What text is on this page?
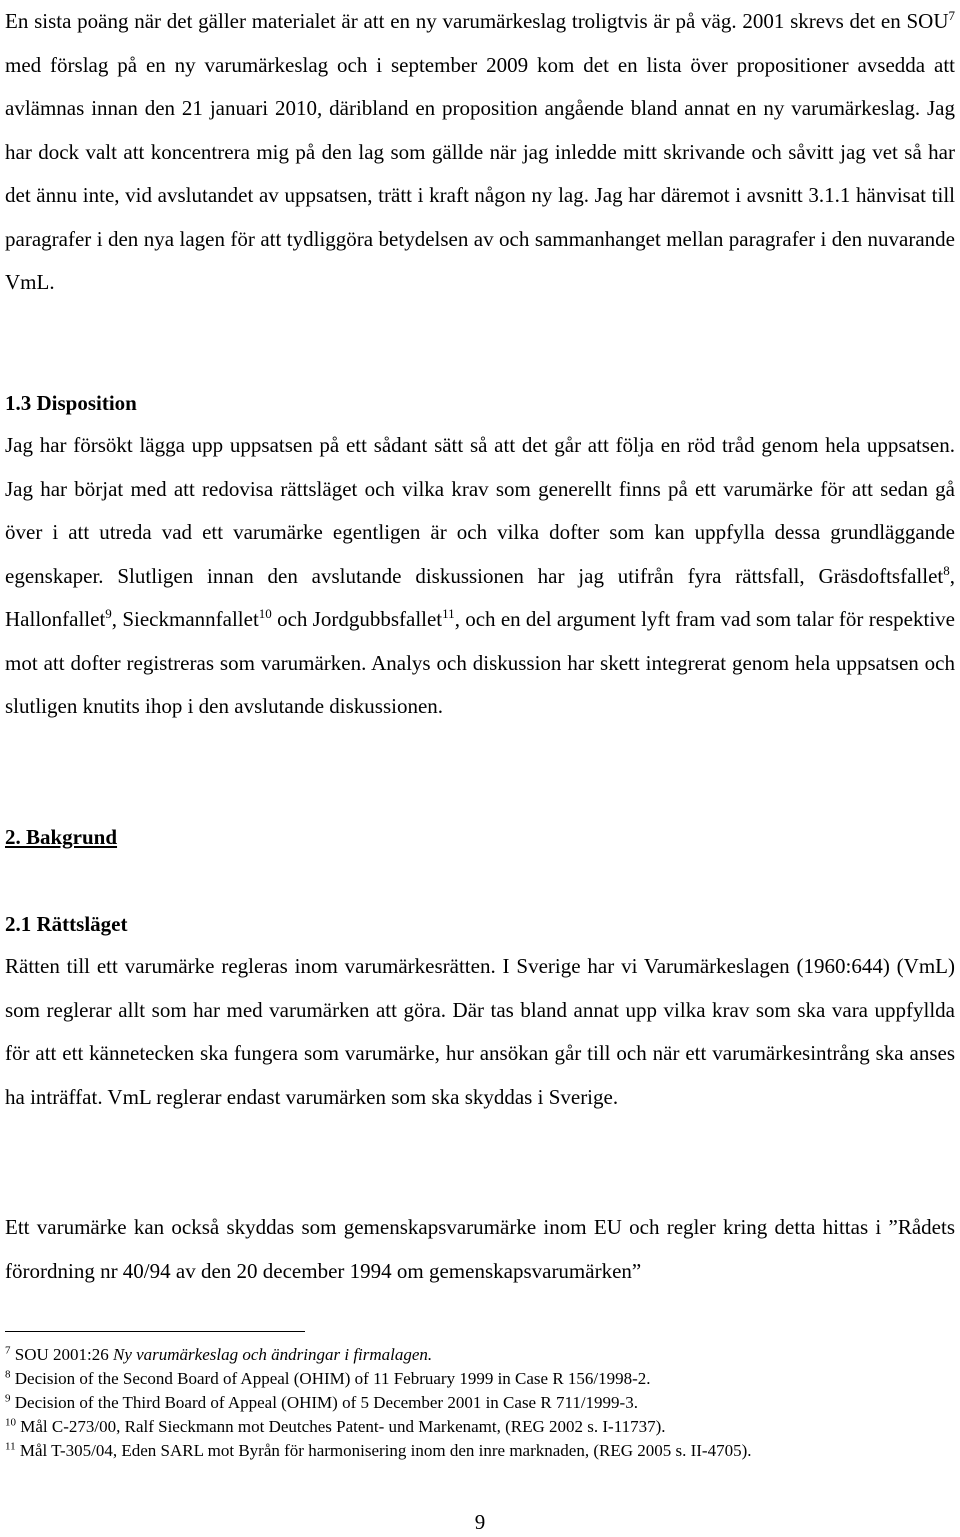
En sista poäng när det gäller materialet är att en ny varumärkeslag troligtvis är på väg. 2001 skrevs det en SOU$^7$ med förslag på en ny varumärkeslag och i september 2009 kom det en lista över propositioner avsedda att avlämnas innan den 21 januari 2010, däribland en proposition angående bland annat en ny varumärkeslag. Jag har dock valt att koncentrera mig på den lag som gällde när jag inledde mitt skrivande och såvitt jag vet så har det ännu inte, vid avslutandet av uppsatsen, trätt i kraft någon ny lag. Jag har däremot i avsnitt 3.1.1 hänvisat till paragrafer i den nya lagen för att tydliggöra betydelsen av och sammanhanget mellan paragrafer i den nuvarande VmL.

1.3 Disposition

Jag har försökt lägga upp uppsatsen på ett sådant sätt så att det går att följa en röd tråd genom hela uppsatsen. Jag har börjat med att redovisa rättsläget och vilka krav som generellt finns på ett varumärke för att sedan gå över i att utreda vad ett varumärke egentligen är och vilka dofter som kan uppfylla dessa grundläggande egenskaper. Slutligen innan den avslutande diskussionen har jag utifrån fyra rättsfall, Gräsdoftsfallet$^8$, Hallonfallet$^9$, Sieckmannfallet$^{10}$ och Jordgubbsfallet$^{11}$, och en del argument lyft fram vad som talar för respektive mot att dofter registreras som varumärken. Analys och diskussion har skett integrerat genom hela uppsatsen och slutligen knutits ihop i den avslutande diskussionen.

2. Bakgrund
2.1 Rättsläget

Rätten till ett varumärke regleras inom varumärkesrätten. I Sverige har vi Varumärkeslagen (1960:644) (VmL) som reglerar allt som har med varumärken att göra. Där tas bland annat upp vilka krav som ska vara uppfyllda för att ett kännetecken ska fungera som varumärke, hur ansökan går till och när ett varumärkesintrång ska anses ha inträffat. VmL reglerar endast varumärken som ska skyddas i Sverige.

Ett varumärke kan också skyddas som gemenskapsvarumärke inom EU och regler kring detta hittas i ”Rådets förordning nr 40/94 av den 20 december 1994 om gemenskapsvarumärken”

$^7$ SOU 2001:26 Ny varumärkeslag och ändringar i firmalagen.
$^8$ Decision of the Second Board of Appeal (OHIM) of 11 February 1999 in Case R 156/1998-2.
$^9$ Decision of the Third Board of Appeal (OHIM) of 5 December 2001 in Case R 711/1999-3.
$^{10}$ Mål C-273/00, Ralf Sieckmann mot Deutches Patent- und Markenamt, (REG 2002 s. I-11737).
$^{11}$ Mål T-305/04, Eden SARL mot Byrån för harmonisering inom den inre marknaden, (REG 2005 s. II-4705).
9
